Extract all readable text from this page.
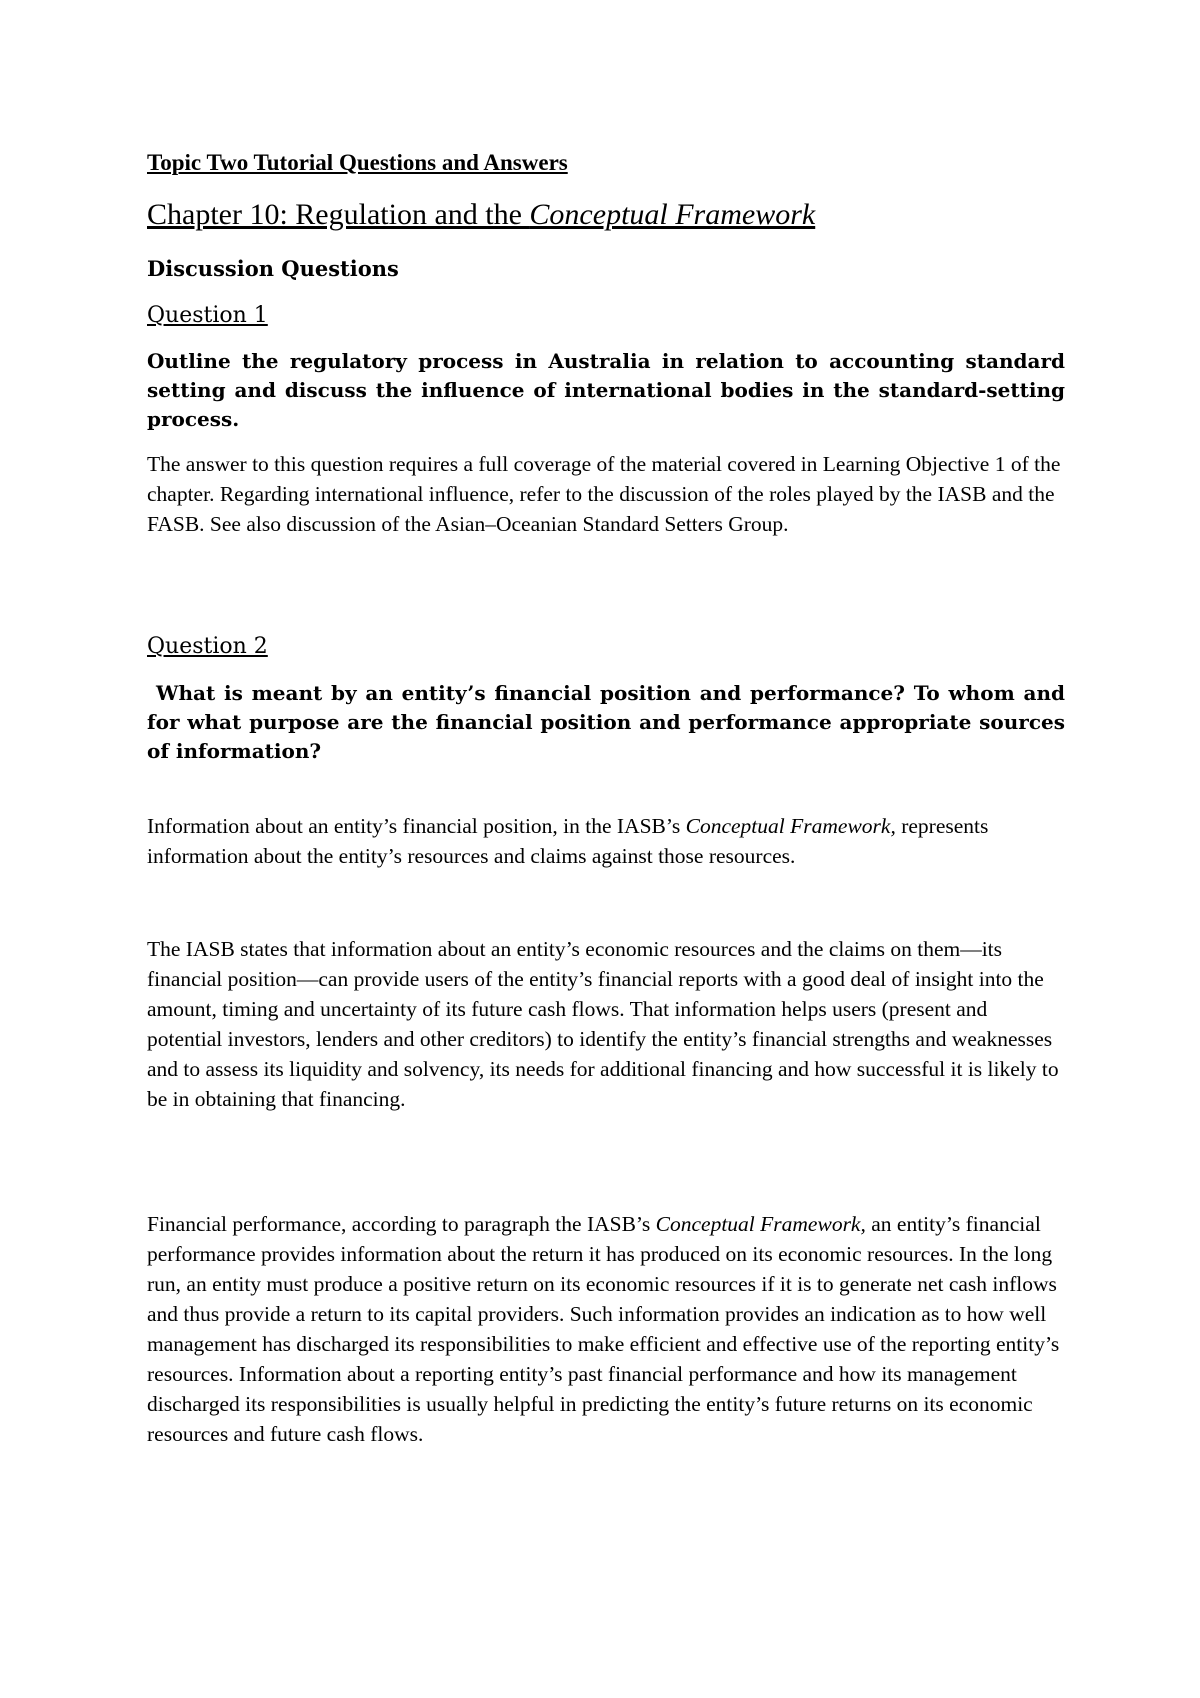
Topic Two Tutorial Questions and Answers
Chapter 10: Regulation and the Conceptual Framework
Discussion Questions
Question 1
Outline the regulatory process in Australia in relation to accounting standard setting and discuss the influence of international bodies in the standard-setting process.
The answer to this question requires a full coverage of the material covered in Learning Objective 1 of the chapter. Regarding international influence, refer to the discussion of the roles played by the IASB and the FASB. See also discussion of the Asian–Oceanian Standard Setters Group.
Question 2
What is meant by an entity’s financial position and performance? To whom and for what purpose are the financial position and performance appropriate sources of information?
Information about an entity’s financial position, in the IASB’s Conceptual Framework, represents information about the entity’s resources and claims against those resources.
The IASB states that information about an entity’s economic resources and the claims on them—its financial position—can provide users of the entity’s financial reports with a good deal of insight into the amount, timing and uncertainty of its future cash flows. That information helps users (present and potential investors, lenders and other creditors) to identify the entity’s financial strengths and weaknesses and to assess its liquidity and solvency, its needs for additional financing and how successful it is likely to be in obtaining that financing.
Financial performance, according to paragraph the IASB’s Conceptual Framework, an entity’s financial performance provides information about the return it has produced on its economic resources. In the long run, an entity must produce a positive return on its economic resources if it is to generate net cash inflows and thus provide a return to its capital providers. Such information provides an indication as to how well management has discharged its responsibilities to make efficient and effective use of the reporting entity’s resources. Information about a reporting entity’s past financial performance and how its management discharged its responsibilities is usually helpful in predicting the entity’s future returns on its economic resources and future cash flows.
